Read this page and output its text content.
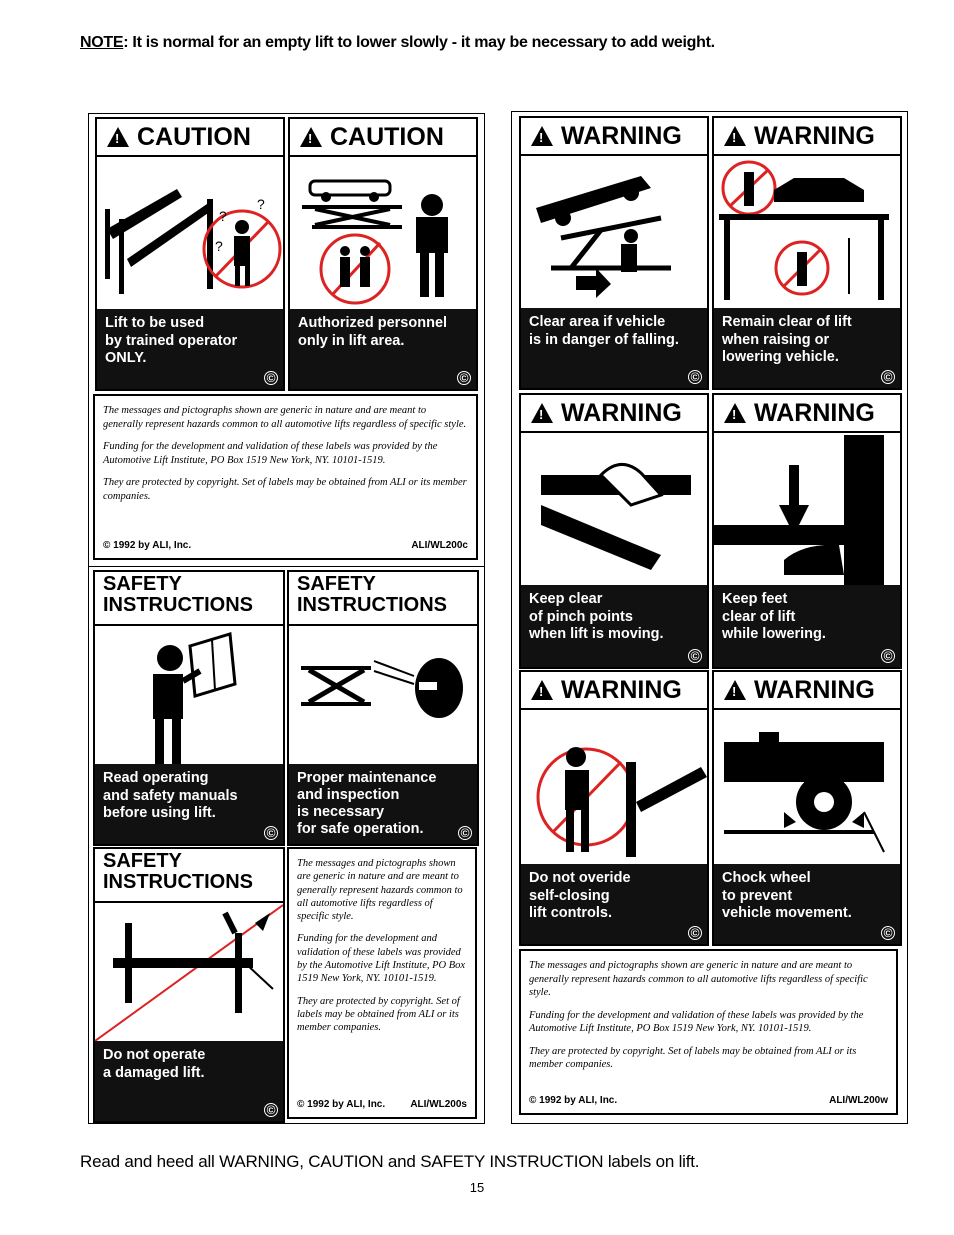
NOTE: It is normal for an empty lift to lower slowly - it may be necessary to add weight.
!
CAUTION
?
?
?
Lift to be used
by trained operator
ONLY.
©
!
CAUTION
Authorized personnel
only in lift area.
©

The messages and pictographs shown are generic in nature and are meant to generally represent hazards common to all automotive lifts regardless of specific style.

Funding for the development and validation of these labels was provided by the Automotive Lift Institute, PO Box 1519 New York, NY. 10101-1519.

They are protected by copyright. Set of labels may be obtained from ALI or its member companies.

© 1992 by ALI, Inc.	ALI/WL200c
SAFETY
INSTRUCTIONS
Read operating
and safety manuals
before using lift.
©
SAFETY
INSTRUCTIONS
Proper maintenance
and inspection
is necessary
for safe operation.	©
SAFETY
INSTRUCTIONS
Do not operate
a damaged lift.
©

The messages and pictographs shown are generic in nature and are meant to generally represent hazards common to all automotive lifts regardless of specific style.

Funding for the development and validation of these labels was provided by the Automotive Lift Institute, PO Box 1519 New York, NY. 10101-1519.

They are protected by copyright. Set of labels may be obtained from ALI or its member companies.

© 1992 by ALI, Inc.	ALI/WL200s
!
WARNING
Clear area if vehicle
is in danger of falling.
©
!
WARNING
Remain clear of lift
when raising or
lowering vehicle.
©
!
WARNING
Keep clear
of pinch points
when lift is moving.
©
!
WARNING
Keep feet
clear of lift
while lowering.
©
!
WARNING
Do not overide
self-closing
lift controls.
©
!
WARNING
Chock wheel
to prevent
vehicle movement.
©

The messages and pictographs shown are generic in nature and are meant to generally represent hazards common to all automotive lifts regardless of specific style.

Funding for the development and validation of these labels was provided by the Automotive Lift Institute, PO Box 1519 New York, NY. 10101-1519.

They are protected by copyright. Set of labels may be obtained from ALI or its member companies.

© 1992 by ALI, Inc.	ALI/WL200w
Read and heed all WARNING, CAUTION and SAFETY INSTRUCTION labels on lift.
15
